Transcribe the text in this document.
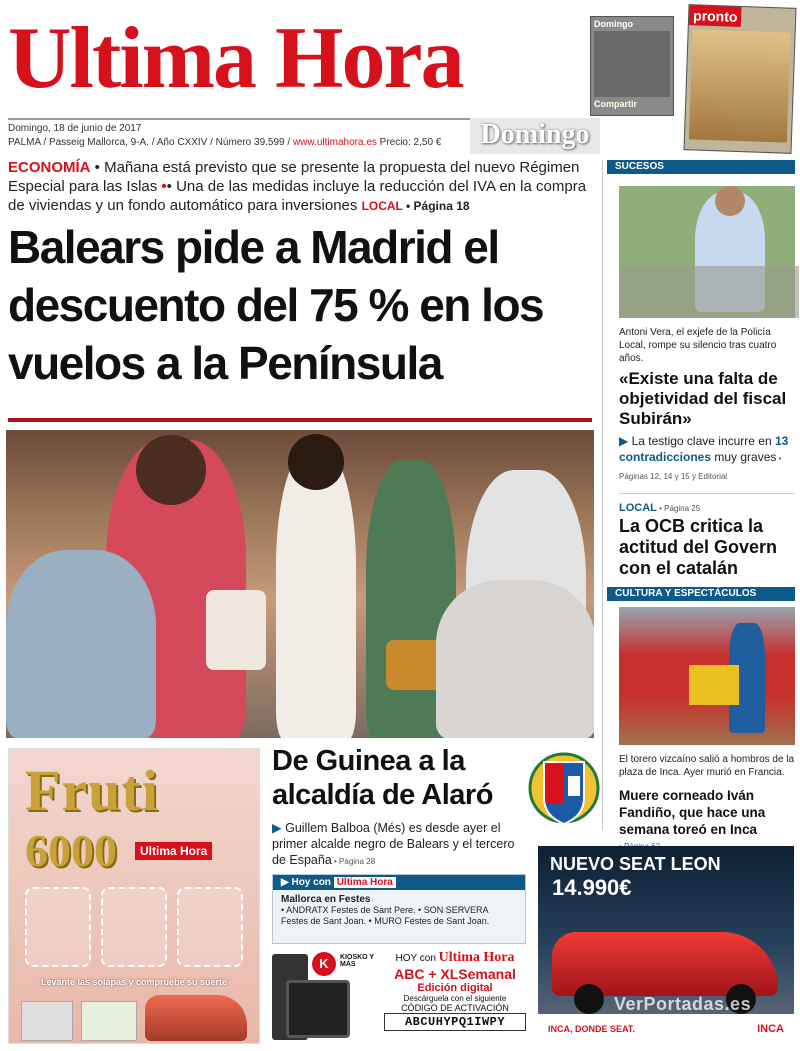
Ultima Hora	Domingo
Compartir
pronto
Domingo, 18 de junio de 2017
PALMA / Passeig Mallorca, 9-A. / Año CXXIV / Número 39.599 / www.ultimahora.es Precio: 2,50 €	Domingo
ECONOMÍA • Mañana está previsto que se presente la propuesta del nuevo Régimen Especial para las Islas •• Una de las medidas incluye la reducción del IVA en la compra de viviendas y un fondo automático para inversiones LOCAL • Página 18
Balears pide a Madrid el descuento del 75 % en los vuelos a la Península
SUCESOS
Antoni Vera, el exjefe de la Policía Local, rompe su silencio tras cuatro años.
«Existe una falta de objetividad del fiscal Subirán»
▶ La testigo clave incurre en 13 contradicciones muy graves • Páginas 12, 14 y 15 y Editorial
LOCAL • Página 25
La OCB critica la actitud del Govern con el catalán
CULTURA Y ESPECTÁCULOS
El torero vizcaíno salió a hombros de la plaza de Inca. Ayer murió en Francia.
Muere corneado Iván Fandiño, que hace una semana toreó en Inca
Fruti
6000	Ultima Hora
Levante las solapas y compruebe su suerte
De Guinea a la alcaldía de Alaró
▶ Guillem Balboa (Més) es desde ayer el primer alcalde negro de Balears y el tercero de España • Página 28
▶ Hoy con Ultima Hora
Mallorca en Festes
• ANDRATX Festes de Sant Pere. • SON SERVERA Festes de Sant Joan. • MURO Festes de Sant Joan.
K	KIOSKO Y MÁS
HOY con Ultima Hora
ABC + XLSemanal
Edición digital
Descárguela con el siguiente
CÓDIGO DE ACTIVACIÓN
ABCUHYPQ1IWPY
NUEVO SEAT LEON
14.990€
INCA, DONDE SEAT.	INCA
VerPortadas.es
